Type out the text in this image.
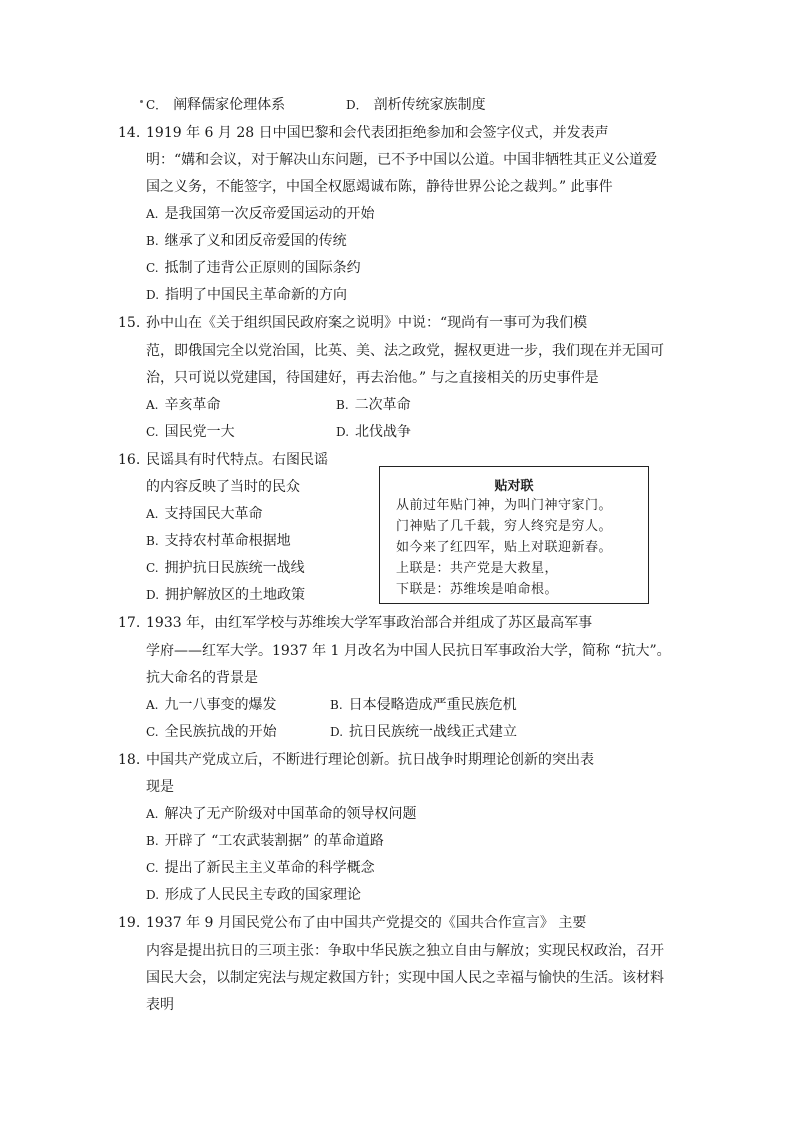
C． 阐释儒家伦理体系	D． 剖析传统家族制度
14. 1919 年 6 月 28 日中国巴黎和会代表团拒绝参加和会签字仪式，并发表声
明：“媾和会议，对于解决山东问题，已不予中国以公道。中国非牺牲其正义公道爱
国之义务，不能签字，中国全权愿竭诚布陈，静待世界公论之裁判。” 此事件
A. 是我国第一次反帝爱国运动的开始
B. 继承了义和团反帝爱国的传统
C. 抵制了违背公正原则的国际条约
D. 指明了中国民主革命新的方向
15. 孙中山在《关于组织国民政府案之说明》中说：“现尚有一事可为我们模
范，即俄国完全以党治国，比英、美、法之政党，握权更进一步，我们现在并无国可
治，只可说以党建国，待国建好，再去治他。” 与之直接相关的历史事件是
A. 辛亥革命	B. 二次革命
C. 国民党一大	D. 北伐战争
16. 民谣具有时代特点。右图民谣
的内容反映了当时的民众
A. 支持国民大革命
B. 支持农村革命根据地
C. 拥护抗日民族统一战线
D. 拥护解放区的土地政策
贴对联
从前过年贴门神，为叫门神守家门。
门神贴了几千载，穷人终究是穷人。
如今来了红四军，贴上对联迎新春。
上联是：共产党是大救星，
下联是：苏维埃是咱命根。
17. 1933 年，由红军学校与苏维埃大学军事政治部合并组成了苏区最高军事
学府——红军大学。1937 年 1 月改名为中国人民抗日军事政治大学，简称 “抗大”。
抗大命名的背景是
A. 九一八事变的爆发	B. 日本侵略造成严重民族危机
C. 全民族抗战的开始	D. 抗日民族统一战线正式建立
18. 中国共产党成立后，不断进行理论创新。抗日战争时期理论创新的突出表
现是
A. 解决了无产阶级对中国革命的领导权问题
B. 开辟了 “工农武装割据” 的革命道路
C. 提出了新民主主义革命的科学概念
D. 形成了人民民主专政的国家理论
19. 1937 年 9 月国民党公布了由中国共产党提交的《国共合作宣言》 主要
内容是提出抗日的三项主张：争取中华民族之独立自由与解放；实现民权政治，召开
国民大会，以制定宪法与规定救国方针；实现中国人民之幸福与愉快的生活。该材料
表明
